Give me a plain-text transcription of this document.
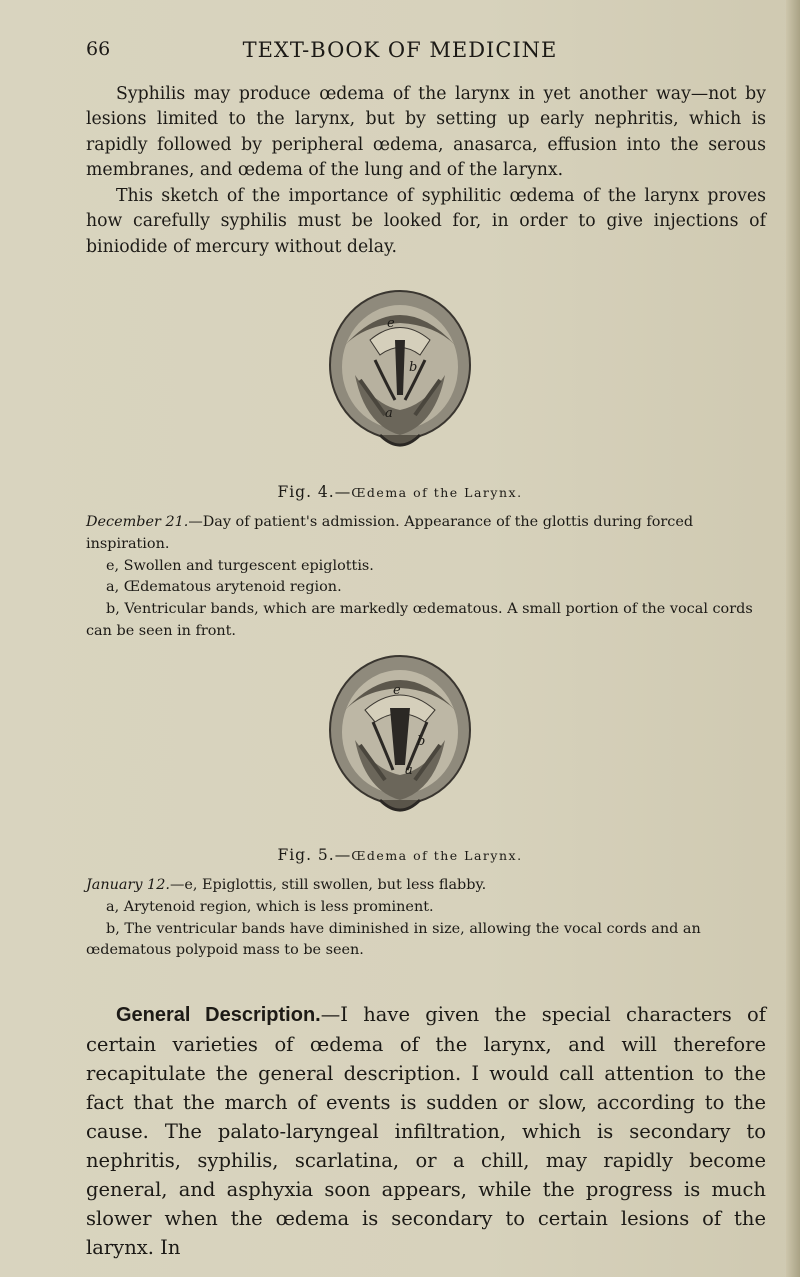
66	TEXT-BOOK OF MEDICINE

Syphilis may produce œdema of the larynx in yet another way—not by lesions limited to the larynx, but by setting up early nephritis, which is rapidly followed by peripheral œdema, anasarca, effusion into the serous membranes, and œdema of the lung and of the larynx.

This sketch of the importance of syphilitic œdema of the larynx proves how carefully syphilis must be looked for, in order to give injections of biniodide of mercury without delay.

e
b
a
Fig. 4.—Œdema of the Larynx.

December 21.—Day of patient's admission. Appearance of the glottis during forced inspiration.

e, Swollen and turgescent epiglottis.

a, Œdematous arytenoid region.

b, Ventricular bands, which are markedly œdematous. A small portion of the vocal cords can be seen in front.

e
b
a
Fig. 5.—Œdema of the Larynx.

January 12.—e, Epiglottis, still swollen, but less flabby.

a, Arytenoid region, which is less prominent.

b, The ventricular bands have diminished in size, allowing the vocal cords and an œdematous polypoid mass to be seen.

General Description.—I have given the special characters of certain varieties of œdema of the larynx, and will therefore recapitulate the general description. I would call attention to the fact that the march of events is sudden or slow, according to the cause. The palato-laryngeal infiltration, which is secondary to nephritis, syphilis, scarlatina, or a chill, may rapidly become general, and asphyxia soon appears, while the progress is much slower when the œdema is secondary to certain lesions of the larynx. In
